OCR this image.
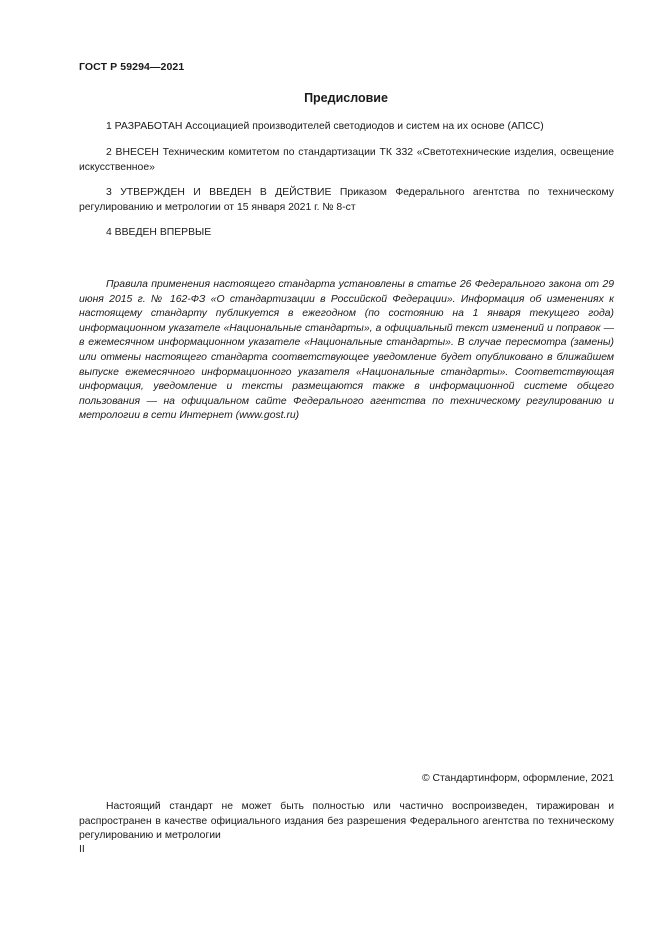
ГОСТ Р 59294—2021
Предисловие

1 РАЗРАБОТАН Ассоциацией производителей светодиодов и систем на их основе (АПСС)

2 ВНЕСЕН Техническим комитетом по стандартизации ТК 332 «Светотехнические изделия, освещение искусственное»

3 УТВЕРЖДЕН И ВВЕДЕН В ДЕЙСТВИЕ Приказом Федерального агентства по техническому регулированию и метрологии от 15 января 2021 г. № 8-ст

4 ВВЕДЕН ВПЕРВЫЕ

Правила применения настоящего стандарта установлены в статье 26 Федерального закона от 29 июня 2015 г. № 162-ФЗ «О стандартизации в Российской Федерации». Информация об изменениях к настоящему стандарту публикуется в ежегодном (по состоянию на 1 января текущего года) информационном указателе «Национальные стандарты», а официальный текст изменений и поправок — в ежемесячном информационном указателе «Национальные стандарты». В случае пересмотра (замены) или отмены настоящего стандарта соответствующее уведомление будет опубликовано в ближайшем выпуске ежемесячного информационного указателя «Национальные стандарты». Соответствующая информация, уведомление и тексты размещаются также в информационной системе общего пользования — на официальном сайте Федерального агентства по техническому регулированию и метрологии в сети Интернет (www.gost.ru)

© Стандартинформ, оформление, 2021

Настоящий стандарт не может быть полностью или частично воспроизведен, тиражирован и распространен в качестве официального издания без разрешения Федерального агентства по техническому регулированию и метрологии

II
